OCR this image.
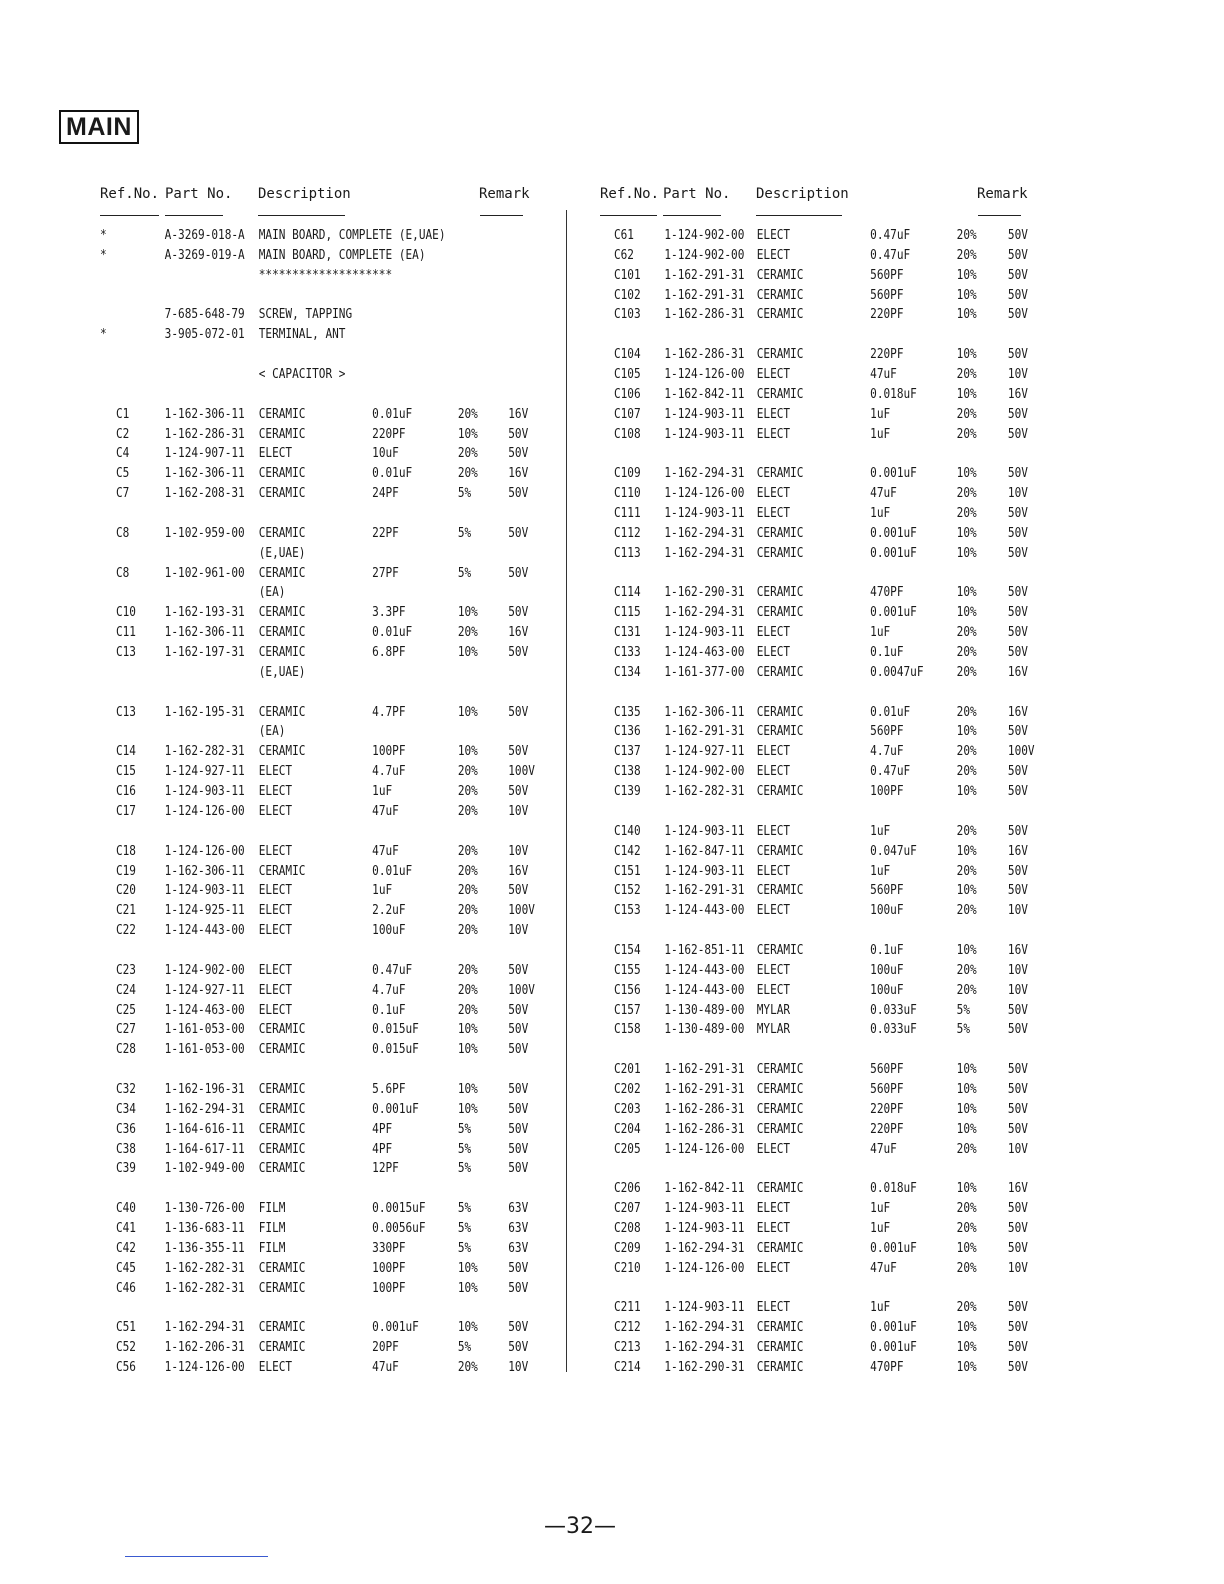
MAIN
Ref.No. Part No. Description	Remark
*	A-3269-018-A MAIN BOARD, COMPLETE (E,UAE)
*	A-3269-019-A MAIN BOARD, COMPLETE (EA)
********************
7-685-648-79 SCREW, TAPPING
*	3-905-072-01 TERMINAL, ANT
< CAPACITOR >
C1	1-162-306-11 CERAMIC	0.01uF	20% 16V
C2	1-162-286-31 CERAMIC	220PF	10% 50V
C4	1-124-907-11 ELECT	10uF	20% 50V
C5	1-162-306-11 CERAMIC	0.01uF	20% 16V
C7	1-162-208-31 CERAMIC	24PF	5%	50V
C8	1-102-959-00 CERAMIC	22PF	5%	50V
(E,UAE)
C8	1-102-961-00 CERAMIC	27PF	5%	50V
(EA)
C10 1-162-193-31 CERAMIC	3.3PF	10% 50V
C11 1-162-306-11 CERAMIC	0.01uF	20% 16V
C13 1-162-197-31 CERAMIC	6.8PF	10% 50V
(E,UAE)
C13 1-162-195-31 CERAMIC	4.7PF	10% 50V
(EA)
C14 1-162-282-31 CERAMIC	100PF	10% 50V
C15 1-124-927-11 ELECT	4.7uF	20% 100V
C16 1-124-903-11 ELECT	1uF	20% 50V
C17 1-124-126-00 ELECT	47uF	20% 10V
C18 1-124-126-00 ELECT	47uF	20% 10V
C19 1-162-306-11 CERAMIC	0.01uF	20% 16V
C20 1-124-903-11 ELECT	1uF	20% 50V
C21 1-124-925-11 ELECT	2.2uF	20% 100V
C22 1-124-443-00 ELECT	100uF	20% 10V
C23 1-124-902-00 ELECT	0.47uF	20% 50V
C24 1-124-927-11 ELECT	4.7uF	20% 100V
C25 1-124-463-00 ELECT	0.1uF	20% 50V
C27 1-161-053-00 CERAMIC	0.015uF	10% 50V
C28 1-161-053-00 CERAMIC	0.015uF	10% 50V
C32 1-162-196-31 CERAMIC	5.6PF	10% 50V
C34 1-162-294-31 CERAMIC	0.001uF	10% 50V
C36 1-164-616-11 CERAMIC	4PF	5%	50V
C38 1-164-617-11 CERAMIC	4PF	5%	50V
C39 1-102-949-00 CERAMIC	12PF	5%	50V
C40 1-130-726-00 FILM	0.0015uF 5%	63V
C41 1-136-683-11 FILM	0.0056uF 5%	63V
C42 1-136-355-11 FILM	330PF	5%	63V
C45 1-162-282-31 CERAMIC	100PF	10% 50V
C46 1-162-282-31 CERAMIC	100PF	10% 50V
C51 1-162-294-31 CERAMIC	0.001uF	10% 50V
C52 1-162-206-31 CERAMIC	20PF	5%	50V
C56 1-124-126-00 ELECT	47uF	20% 10V
Ref.No. Part No. Description	Remark
C61 1-124-902-00 ELECT	0.47uF	20% 50V
C62 1-124-902-00 ELECT	0.47uF	20% 50V
C101 1-162-291-31 CERAMIC	560PF	10% 50V
C102 1-162-291-31 CERAMIC	560PF	10% 50V
C103 1-162-286-31 CERAMIC	220PF	10% 50V
C104 1-162-286-31 CERAMIC	220PF	10% 50V
C105 1-124-126-00 ELECT	47uF	20% 10V
C106 1-162-842-11 CERAMIC	0.018uF	10% 16V
C107 1-124-903-11 ELECT	1uF	20% 50V
C108 1-124-903-11 ELECT	1uF	20% 50V
C109 1-162-294-31 CERAMIC	0.001uF	10% 50V
C110 1-124-126-00 ELECT	47uF	20% 10V
C111 1-124-903-11 ELECT	1uF	20% 50V
C112 1-162-294-31 CERAMIC	0.001uF	10% 50V
C113 1-162-294-31 CERAMIC	0.001uF	10% 50V
C114 1-162-290-31 CERAMIC	470PF	10% 50V
C115 1-162-294-31 CERAMIC	0.001uF	10% 50V
C131 1-124-903-11 ELECT	1uF	20% 50V
C133 1-124-463-00 ELECT	0.1uF	20% 50V
C134 1-161-377-00 CERAMIC	0.0047uF	20% 16V
C135 1-162-306-11 CERAMIC	0.01uF	20% 16V
C136 1-162-291-31 CERAMIC	560PF	10% 50V
C137 1-124-927-11 ELECT	4.7uF	20% 100V
C138 1-124-902-00 ELECT	0.47uF	20% 50V
C139 1-162-282-31 CERAMIC	100PF	10% 50V
C140 1-124-903-11 ELECT	1uF	20% 50V
C142 1-162-847-11 CERAMIC	0.047uF	10% 16V
C151 1-124-903-11 ELECT	1uF	20% 50V
C152 1-162-291-31 CERAMIC	560PF	10% 50V
C153 1-124-443-00 ELECT	100uF	20% 10V
C154 1-162-851-11 CERAMIC	0.1uF	10% 16V
C155 1-124-443-00 ELECT	100uF	20% 10V
C156 1-124-443-00 ELECT	100uF	20% 10V
C157 1-130-489-00 MYLAR	0.033uF	5%	50V
C158 1-130-489-00 MYLAR	0.033uF	5%	50V
C201 1-162-291-31 CERAMIC	560PF	10% 50V
C202 1-162-291-31 CERAMIC	560PF	10% 50V
C203 1-162-286-31 CERAMIC	220PF	10% 50V
C204 1-162-286-31 CERAMIC	220PF	10% 50V
C205 1-124-126-00 ELECT	47uF	20% 10V
C206 1-162-842-11 CERAMIC	0.018uF	10% 16V
C207 1-124-903-11 ELECT	1uF	20% 50V
C208 1-124-903-11 ELECT	1uF	20% 50V
C209 1-162-294-31 CERAMIC	0.001uF	10% 50V
C210 1-124-126-00 ELECT	47uF	20% 10V
C211 1-124-903-11 ELECT	1uF	20% 50V
C212 1-162-294-31 CERAMIC	0.001uF	10% 50V
C213 1-162-294-31 CERAMIC	0.001uF	10% 50V
C214 1-162-290-31 CERAMIC	470PF	10% 50V
—32—
